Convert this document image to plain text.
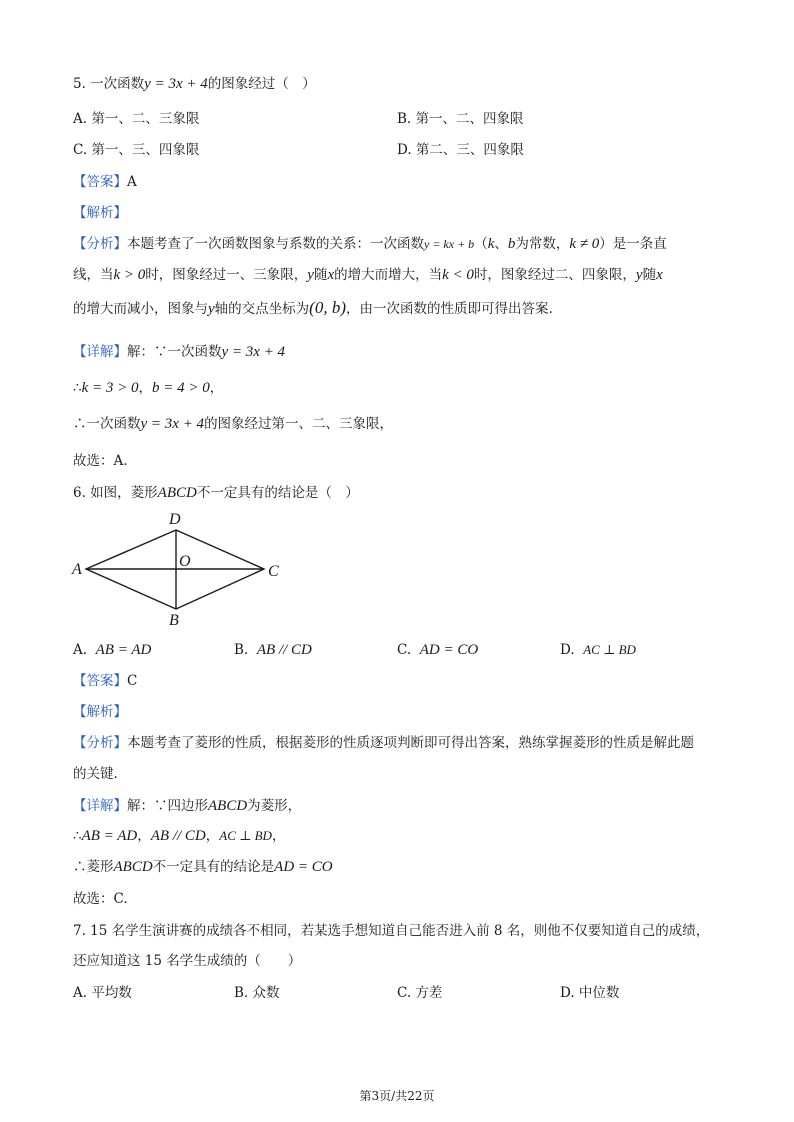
5. 一次函数y = 3x + 4的图象经过（　）
A. 第一、二、三象限	B. 第一、二、四象限
C. 第一、三、四象限	D. 第二、三、四象限
【答案】A
【解析】
【分析】本题考查了一次函数图象与系数的关系：一次函数y = kx + b（k、b为常数，k ≠ 0）是一条直
线，当k > 0时，图象经过一、三象限，y随x的增大而增大，当k < 0时，图象经过二、四象限，y随x
的增大而减小，图象与y轴的交点坐标为(0, b)，由一次函数的性质即可得出答案.
【详解】解：∵一次函数y = 3x + 4
∴k = 3 > 0，b = 4 > 0，
∴一次函数y = 3x + 4的图象经过第一、二、三象限，
故选：A.
6. 如图，菱形ABCD不一定具有的结论是（　）
A
D
C
B
O
A. AB = AD	B. AB // CD	C. AD = CO	D. AC ⊥ BD
【答案】C
【解析】
【分析】本题考查了菱形的性质，根据菱形的性质逐项判断即可得出答案，熟练掌握菱形的性质是解此题
的关键.
【详解】解：∵四边形ABCD为菱形，
∴AB = AD，AB // CD，AC ⊥ BD，
∴菱形ABCD不一定具有的结论是AD = CO
故选：C.
7. 15 名学生演讲赛的成绩各不相同，若某选手想知道自己能否进入前 8 名，则他不仅要知道自己的成绩，
还应知道这 15 名学生成绩的（　　）
A. 平均数	B. 众数	C. 方差	D. 中位数
第3页/共22页
